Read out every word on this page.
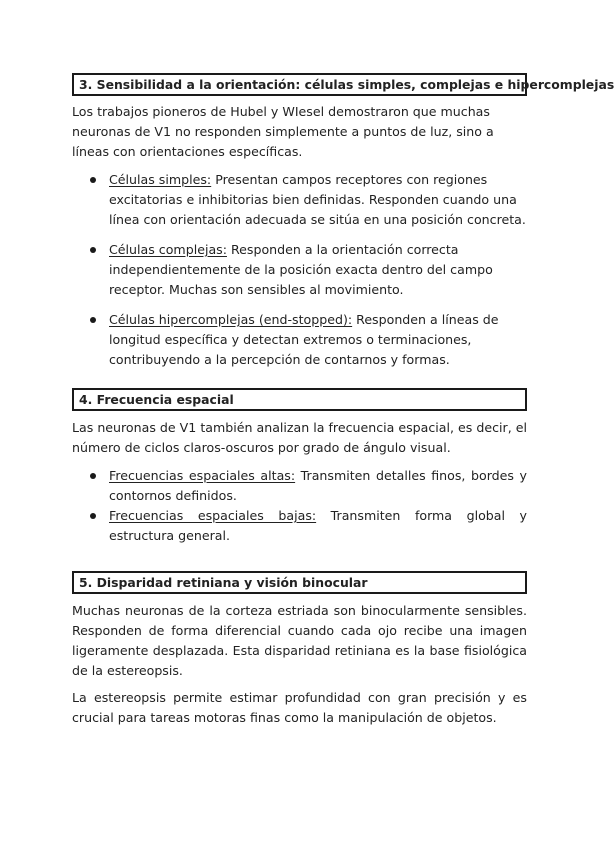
3. Sensibilidad a la orientación: células simples, complejas e hipercomplejas

Los trabajos pioneros de Hubel y WIesel demostraron que muchas neuronas de V1 no responden simplemente a puntos de luz, sino a líneas con orientaciones específicas.

Células simples: Presentan campos receptores con regiones excitatorias e inhibitorias bien definidas. Responden cuando una línea con orientación adecuada se sitúa en una posición concreta.
Células complejas: Responden a la orientación correcta independientemente de la posición exacta dentro del campo receptor. Muchas son sensibles al movimiento.
Células hipercomplejas (end-stopped): Responden a líneas de longitud específica y detectan extremos o terminaciones, contribuyendo a la percepción de contarnos y formas.
4. Frecuencia espacial

Las neuronas de V1 también analizan la frecuencia espacial, es decir, el número de ciclos claros-oscuros por grado de ángulo visual.

Frecuencias espaciales altas: Transmiten detalles finos, bordes y contornos definidos.
Frecuencias espaciales bajas: Transmiten forma global y estructura general.
5. Disparidad retiniana y visión binocular

Muchas neuronas de la corteza estriada son binocularmente sensibles. Responden de forma diferencial cuando cada ojo recibe una imagen ligeramente desplazada. Esta disparidad retiniana es la base fisiológica de la estereopsis.

La estereopsis permite estimar profundidad con gran precisión y es crucial para tareas motoras finas como la manipulación de objetos.
